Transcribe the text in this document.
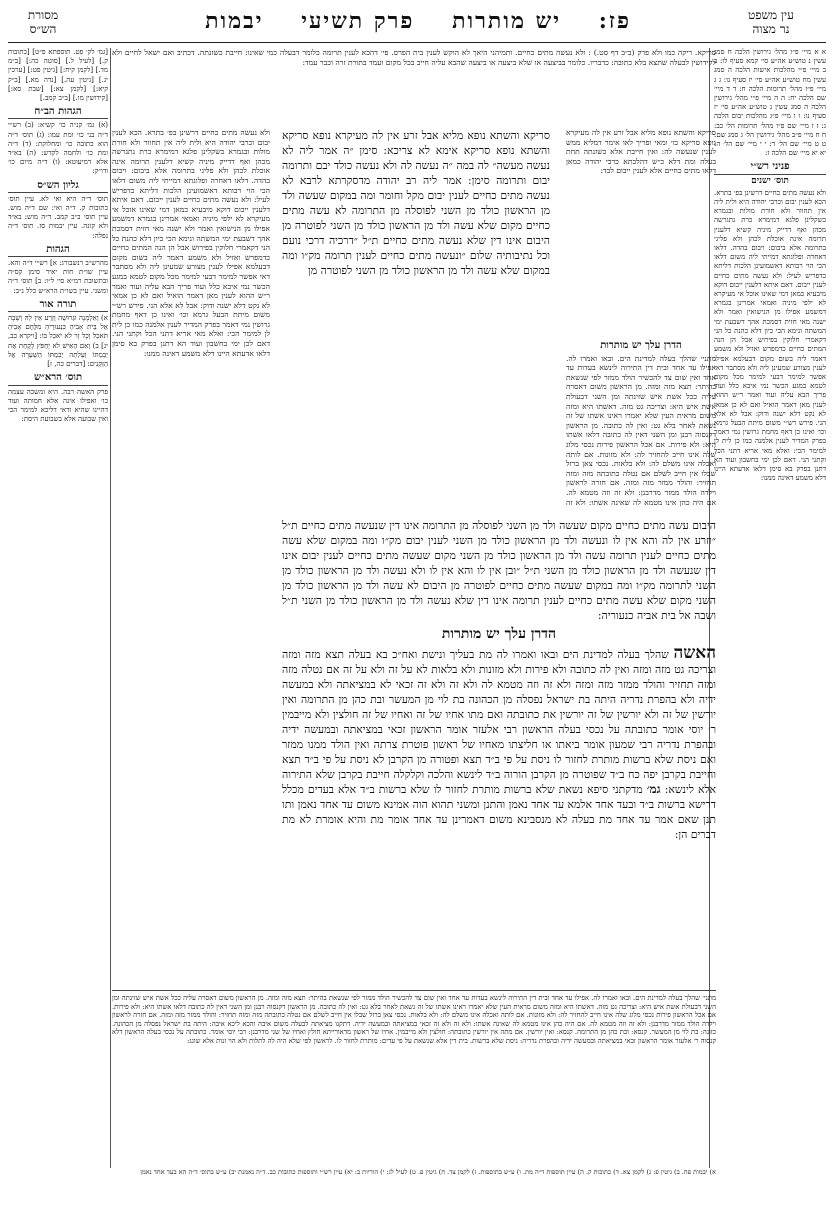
עין משפט
נר מצוה
פז: יש מותרות פרק תשיעי יבמות
מסורת
הש״ס

א א מיי׳ פ״ו מהל׳ גירושין הלכה ח סמג עשין נ טוש״ע אה״ע סי׳ קמא סעיף לו: ב ב מיי׳ פ״י מהלכות אישות הלכה ה סמג עשין מח טוש״ע אה״ע סי׳ יז סעיף נו: ג ג מיי׳ פ״ז מהל׳ תרומות הלכה ח: ד ד מיי׳ שם הלכה יח: ה ה מיי׳ פ״י מהל׳ גירושין הלכה ה סמג עשין נ טוש״ע אה״ע סי׳ יז סעיף נו: ו ו מיי׳ פ״ג מהלכות יבום הלכה ג: ז ז מיי׳ שם פ״ו מהל׳ תרומות הל׳ כב: ח ח מיי׳ פ״ב מהל׳ גירושין הל׳ ג סמג שם: ט ט מיי׳ שם הל׳ ד: י י מיי׳ שם הל׳ ה: יא יא מיי׳ שם הלכה ז:

פניני רש״י

תוס׳ ישנים

ולא נעשה מתים כחיים דרשינן בפ׳ בתרא. הכא לענין יבום וכרבי יהודה היא ולית ליה אין תחוור ולא חורת מולות ובגמרא כשקלינן פלגא דמימרא כרת נתגרשה מכהן ואף דדייק מיניה קשיא דלענין תרומה אינה אוכלת לכהן ולא פליגי בתרומה אלא ביבום: ויבום בהדה. דלאו דאחרה ופלוגתא דמייתי ליה משום דלאו הכי הוי רבותא דאשמועינן הלכות דליתא כדפריש לעיל: ולא נעשה מתים כחיים לענין ייבום. דאם איתא דלענין ייבום דוקא מיבעיא כמאן דמי שאינו אוכל אי מעיקרא לא ילפי מיניה ואמאי אמרינן בגמרא דמשמע אפילו מן הנישואין ואמר ולא ישנה מאי חזית דסמכת אהך דשבעת ימי המשתה ונימא הכי כיון דלא כהנת כל הני דקאמרי חלוקין בפירוש אבל הן הנה המתים כחיים כדמפרש ואזיל ולא משמע דאמר ליה בשום מקום דבעלמא אפילו לענין מצורע שמעינן ליה ולא מסתבר דאי אפשר למימר דבעי למימר מכל מקום לטמא במגע הכשר נמי איכא כלל ועוד פריך הבא עליה ועוד ואמר ר״ש ההוא לענין מאן דאמר הואיל ואם לא כן אמאי לא נקט דלא ישנה ודוק: אבל לא אלא הני. פירש רש״י משום מיתת הבעל גרמא וכו׳ ואינו כן דאף מחמת גרושין נמי דאמר בפרק המדיר לענין אלמנה כמו כן לית לן למימר הכי: ואלא מאי אריא דתני הכל וקתני הני. דאם לכן ימי בחשבון ועוד הא דתנן בפרק בא סימן דלאו אדעתא היינו דלא משמע דאינה ממנו:

[גמ׳ לק׳ פט. תוספתא פ״ט] [כתובות ק.] [לעיל ל.] [סוטה כה:] [ב״מ מד.] [לקמן קיח:] [גיטין פט:] [ערכין יג.] [גיטין עה.] [נדה מא.] [ב״ק קיא:] [לקמן צא:] [שבת סא:] [קידושין מו.] [ב״ב קמב.]

הגהות הב״ח

(א) גמ׳ קנ״ה כו׳ קשיא: (ב) רש״י ד״ה בני כו׳ ומת עמו: (ג) תוס׳ ד״ה הוא כתובה כו׳ ומחלוקת: (ד) ד״ה ומת כו׳ ולחמה לקדש: (ה) בא״ד אלא דמיעוטא: (ו) ד״ה מיום כו׳ ודו״ק:

גליון הש״ס

תוס׳ ד״ה היא ואי לא. עיין תוס׳ כתובות ק. ד״ה ואי: שם ד״ה מוש. עיין תוס׳ ב״ב קמב. ד״ה מוש: בא״ד ולא קונה. עיין יבמות סז. תוס׳ ד״ה נפלה:

הגהות

מהרש״ב רנשבורג: א] רש״י ד״ה והא. עיין שו״ת חות יאיר סימן קס״ה ובתשובת רמ״א סי׳ ל״ו: ב] תוס׳ ד״ה ומשני. עיין בשו״ת הרא״ש כלל נ״ב:

תורה אור

א) וְאַלְמָנָה וּגְרוּשָׁה וְזָרַע אֵין לָהּ וְשָׁבָה אֶל בֵּית אָבִיהָ כִּנְעוּרֶיהָ מִלֶּחֶם אָבִיהָ תֹּאכֵל וְכָל זָר לֹא יֹאכַל בּוֹ: [ויקרא כב, יג] ב) וְאִם הָאִישׁ לֹא יַחְפֹּץ לָקַחַת אֶת יְבִמְתּוֹ וְעָלְתָה יְבִמְתּוֹ הַשַּׁעְרָה אֶל הַזְּקֵנִים: [דברים כה, ז]

תוס׳ הרא״ש

פרק האשה רבה. היא ומשכה עצמה כו׳ ואפילו אינה אלא חמותה ועוד דהיינו שהיא ודאי דליכא למימר הכי ואין שבועה אלא בשבועת היסת:

סריקא. ריקה כמו ולא פרק (ב״ב דף סט.) : ולא נעשה מתים כחיים. ותמיהני היאך לא הוקש לענין בית הפרס. פי׳ דהכא לענין תרומה כלומר דבעלה כמי שאינו: חייבת כשזנתה. דכתיב ואם ישאל לחיים ולא לקידושין לבעלה שתצא בלא כתובה: כדבריו. כלומר בביצעה או שלא ביצעה או ביצעה שהבא עליה חייב בכל מקום ועמד בתורת זרה וכבר עמד:
סריקא והשתא נופא מליא אבל זרע אין לה מעיקרא נופא סריקא כו׳ ומאי ופריך לאו אימר דמליא ממש לענין שנעשה לה: ואין חייבת אלא כשזנתה תחת בעלה ומת דלא כ״ש דהלכתא כרבי יהודה כמאן דלאו מתים כחיים אלא לענין ייבום לבד:
הדרן עלך יש מותרות
מתני׳ שהלך בעלה למדינת הים. ובאו ואמרו לה. אפילו עד אחד ובית דין התירוה לינשא בעדות עד אחד ואין שום צד להכשיר הולד ממזר לפי שנשאת בהיתר: תצא מזה ומזה. מן הראשון משום דאסרה עליה ככל אשת איש שזינתה ומן השני דבעולת אשת איש היא: וצריכה גט מזה. דאשתו היא ומזה משום מראית העין שלא יאמרו ראינו אשתו של זה נשאת לאחר בלא גט: ואין לה כתובה. מן הראשון דקנסוה רבנן ומן השני דאין לה כתובה דלאו אשתו היא: ולא פירות. אם אכל הראשון פירות נכסי מלוג שלה אינו חייב להחזיר לה: ולא מזונות. אם לותה ואכלה אינו משלם לה: ולא בלאות. נכסי צאן ברזל שבלו אין חייב לשלם אם נטלה כתובתה מזה ומזה תחזיר: והולד ממזר מזה ומזה. אם חזרה לראשון וילדה הולד ממזר מדרבנן: ולא זה וזה מטמא לה. אם היה כהן אינו מטמא לה שאינה אשתו: ולא זה
ולא נעשה מתים כחיים דרשינן בפ׳ בתרא. הכא לענין יבום וכרבי יהודה היא ולית ליה אין תחוור ולא חורת מולות ובגמרא כשקלינן פלגא דמימרא כרת נתגרשה מכהן ואף דדייק מיניה קשיא דלענין תרומה אינה אוכלת לכהן ולא פליגי בתרומה אלא ביבום: ויבום בהדה. דלאו דאחרה ופלוגתא דמייתי ליה משום דלאו הכי הוי רבותא דאשמועינן הלכות דליתא כדפריש לעיל: ולא נעשה מתים כחיים לענין ייבום. דאם איתא דלענין ייבום דוקא מיבעיא כמאן דמי שאינו אוכל אי מעיקרא לא ילפי מיניה ואמאי אמרינן בגמרא דמשמע אפילו מן הנישואין ואמר ולא ישנה מאי חזית דסמכת אהך דשבעת ימי המשתה ונימא הכי כיון דלא כהנת כל הני דקאמרי חלוקין בפירוש אבל הן הנה המתים כחיים כדמפרש ואזיל ולא משמע דאמר ליה בשום מקום דבעלמא אפילו לענין מצורע שמעינן ליה ולא מסתבר דאי אפשר למימר דבעי למימר מכל מקום לטמא במגע הכשר נמי איכא כלל ועוד פריך הבא עליה ועוד ואמר ר״ש ההוא לענין מאן דאמר הואיל ואם לא כן אמאי לא נקט דלא ישנה ודוק: אבל לא אלא הני. פירש רש״י משום מיתת הבעל גרמא וכו׳ ואינו כן דאף מחמת גרושין נמי דאמר בפרק המדיר לענין אלמנה כמו כן לית לן למימר הכי: ואלא מאי אריא דתני הכל וקתני הני. דאם לכן ימי בחשבון ועוד הא דתנן בפרק בא סימן דלאו אדעתא היינו דלא משמע דאינה ממנו:
סריקא והשתא נופא מליא אבל זרע אין לה מעיקרא נופא סריקא והשתא נופא סריקא אימא לא צריכא: סימן ״ה אמר ליה לא נעשה מעשה״ לה במה ״ה נעשה לה ולא נעשה כולד יבם ותרומה יבום ותרומה סימן: אמר ליה רב יהודה מדסקרתא לרבא לא נעשה מתים כחיים לענין יבום מקל וחומר ומה במקום שעשה ולד מן הראשון כולד מן השני לפוסלה מן התרומה לא עשה מתים כחיים מקום שלא עשה ולד מן הראשון כולד מן השני לפוטרה מן היבום אינו דין שלא נעשה מתים כחיים ת״ל ״דרכיה דרכי נועם וכל נתיבותיה שלום ״ונעשה מתים כחיים לענין תרומה מק״ו ומה במקום שלא עשה ולד מן הראשון כולד מן השני לפוטרה מן
היבום עשה מתים כחיים מקום שעשה ולד מן השני לפוסלה מן התרומה אינו דין שנעשה מתים כחיים ת״ל ״וזרע אין לה והא אין לו ונעשה ולד מן הראשון כולד מן השני לענין יבום מק״ו ומה במקום שלא עשה מתים כחיים לענין תרומה עשה ולד מן הראשון כולד מן השני מקום שעשה מתים כחיים לענין יבום אינו דין שנעשה ולד מן הראשון כולד מן השני ת״ל ״ובן אין לו והא אין לו ולא נעשה ולד מן הראשון כולד מן השני לתרומה מק״ו ומה במקום שעשה מתים כחיים לפוטרה מן היבום לא עשה ולד מן הראשון כולד מן השני מקום שלא עשה מתים כחיים לענין תרומה אינו דין שלא נעשה ולד מן הראשון כולד מן השני ת״ל ושבה אל בית אביה כנעוריה:
הדרן עלך יש מותרות
האשה שהלך בעלה למדינת הים ובאו ואמרו לה מת בעליך ונישת ואח״כ בא בעלה תצא מזה ומזה וצריכה גט מזה ומזה ואין לה כתובה ולא פירות ולא מזונות ולא בלאות לא על זה ולא על זה אם נטלה מזה ומזה תחזיר והולד ממזר מזה ומזה ולא זה וזה מטמא לה ולא זה ולא זה זכאי לא במציאתה ולא במעשה ידיה ולא בהפרת נדריה היתה בת ישראל נפסלה מן הכהונה בת לוי מן המעשר ובת כהן מן התרומה ואין יורשין של זה ולא יורשין של זה יורשין את כתובתה ואם מתו אחיו של זה ואחיו של זה חולצין ולא מייבמין ר׳ יוסי אומר כתובתה על נכסי בעלה הראשון רבי אלעזר אומר הראשון זכאי במציאתה ובמעשה ידיה ובהפרת נדריה רבי שמעון אומר ביאתו או חליצתו מאחיו של ראשון פוטרת צרתה ואין הולד ממנו ממזר ואם ניסת שלא ברשות מותרת לחזור לו ניסת על פי ב״ד תצא ופטורה מן הקרבן לא ניסת על פי ב״ד תצא וחייבת בקרבן יפה כח ב״ד שפוטרה מן הקרבן הורוה ב״ד לינשא והלכה וקלקלה חייבת בקרבן שלא התירוה אלא לינשא: גמ׳ מדקתני סיפא נשאת שלא ברשות מותרת לחזור לו שלא ברשות ב״ד אלא בעדים מכלל דרישא ברשות ב״ד ובעד אחד אלמא עד אחד נאמן והתנן ומשני תהוא הוה אמינא משום עד אחד נאמן ותו תנן שאם אמר עד אחד מת בעלה לא מנסבינא משום דאמרינן עד אחד אומר מת והיא אומרת לא מת דברים הן:
מתני׳ שהלך בעלה למדינת הים. ובאו ואמרו לה. אפילו עד אחד ובית דין התירוה לינשא בעדות עד אחד ואין שום צד להכשיר הולד ממזר לפי שנשאת בהיתר: תצא מזה ומזה. מן הראשון משום דאסרה עליה ככל אשת איש שזינתה ומן השני דבעולת אשת איש היא: וצריכה גט מזה. דאשתו היא ומזה משום מראית העין שלא יאמרו ראינו אשתו של זה נשאת לאחר בלא גט: ואין לה כתובה. מן הראשון דקנסוה רבנן ומן השני דאין לה כתובה דלאו אשתו היא: ולא פירות. אם אכל הראשון פירות נכסי מלוג שלה אינו חייב להחזיר לה: ולא מזונות. אם לותה ואכלה אינו משלם לה: ולא בלאות. נכסי צאן ברזל שבלו אין חייב לשלם אם נטלה כתובתה מזה ומזה תחזיר: והולד ממזר מזה ומזה. אם חזרה לראשון וילדה הולד ממזר מדרבנן: ולא זה וזה מטמא לה. אם היה כהן אינו מטמא לה שאינה אשתו: ולא זה ולא זה זכאי במציאתה ובמעשה ידיה. דתקנו מציאתה לבעלה משום איבה והכא ליכא איבה: היתה בת ישראל נפסלה מן הכהונה. כזונה: בת לוי מן המעשר. קנסא: ובת כהן מן התרומה. קנסא: ואין יורשין. אם מתה אין יורשין כתובתה: חולצין ולא מייבמין. אחיו של ראשון מדאורייתא חולץ ואחיו של שני מדרבנן: רבי יוסי אומר. כתובתה על נכסי בעלה הראשון דלא קנסוה ר׳ אלעזר אומר הראשון זכאי במציאתה ובמעשה ידיה ובהפרת נדריה: ניסת שלא ברשות. בית דין אלא שנשאת על פי עדים: מותרת לחזור לו. לראשון לפי שלא היה לה לתלות ולא הוי זנות אלא שוגג:
א) יבמות פח. ב) גיטין פ: ג) לקמן צא. ד) כתובות ק. ה) עיין תוספות ד״ה מת. ו) ע״ש בתוספות. ז) לקמן צד. ח) גיטין פ. ט) לעיל לג: י) הוריות ב: יא) עיין רש״י ותוספות כתובות כב. ד״ה נאמנת יב) ע״ש בתוס׳ ד״ה הא בעד אחד נאמן
